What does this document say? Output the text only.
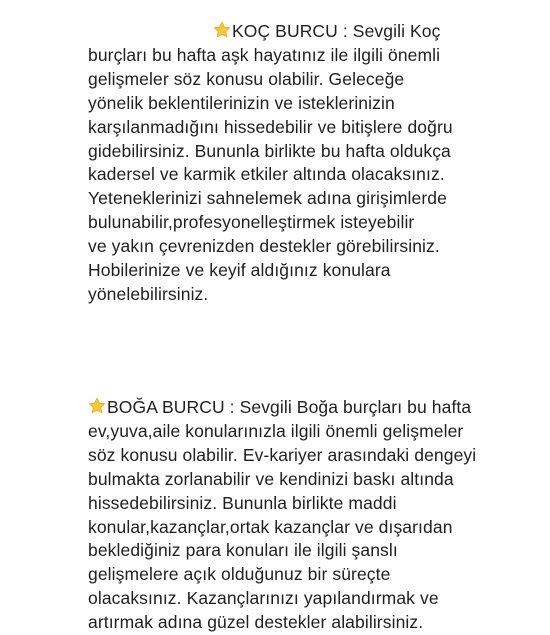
KOÇ BURCU : Sevgili Koç
burçları bu hafta aşk hayatınız ile ilgili önemli
gelişmeler söz konusu olabilir. Geleceğe
yönelik beklentilerinizin ve isteklerinizin
karşılanmadığını hissedebilir ve bitişlere doğru
gidebilirsiniz. Bununla birlikte bu hafta oldukça
kadersel ve karmik etkiler altında olacaksınız.
Yeteneklerinizi sahnelemek adına girişimlerde
bulunabilir,profesyonelleştirmek isteyebilir
ve yakın çevrenizden destekler görebilirsiniz.
Hobilerinize ve keyif aldığınız konulara
yönelebilirsiniz.
BOĞA BURCU : Sevgili Boğa burçları bu hafta
ev,yuva,aile konularınızla ilgili önemli gelişmeler
söz konusu olabilir. Ev-kariyer arasındaki dengeyi
bulmakta zorlanabilir ve kendinizi baskı altında
hissedebilirsiniz. Bununla birlikte maddi
konular,kazançlar,ortak kazançlar ve dışarıdan
beklediğiniz para konuları ile ilgili şanslı
gelişmelere açık olduğunuz bir süreçte
olacaksınız. Kazançlarınızı yapılandırmak ve
artırmak adına güzel destekler alabilirsiniz.
